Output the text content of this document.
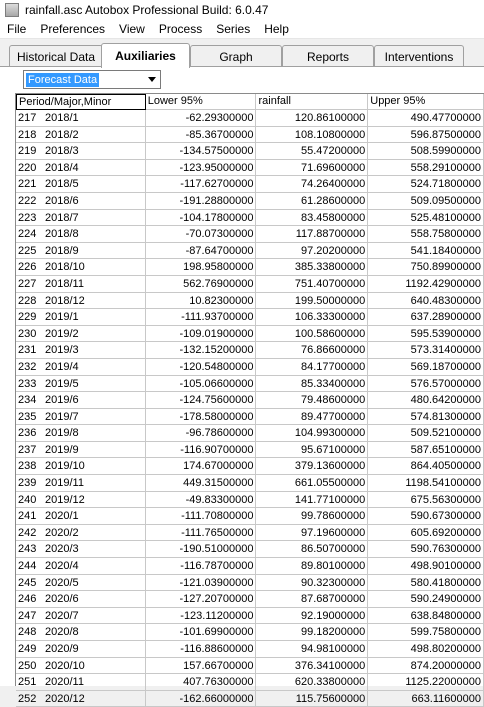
rainfall.asc Autobox Professional Build: 6.0.47
File	Preferences	View	Process	Series	Help
Historical Data	Auxiliaries	Graph	Reports	Interventions
Forecast Data
Period/Major,Minor	Lower 95%	rainfall	Upper 95%
217 2018/1	-62.29300000	120.86100000	490.47700000
218 2018/2	-85.36700000	108.10800000	596.87500000
219 2018/3	-134.57500000	55.47200000	508.59900000
220 2018/4	-123.95000000	71.69600000	558.29100000
221 2018/5	-117.62700000	74.26400000	524.71800000
222 2018/6	-191.28800000	61.28600000	509.09500000
223 2018/7	-104.17800000	83.45800000	525.48100000
224 2018/8	-70.07300000	117.88700000	558.75800000
225 2018/9	-87.64700000	97.20200000	541.18400000
226 2018/10	198.95800000	385.33800000	750.89900000
227 2018/11	562.76900000	751.40700000	1192.42900000
228 2018/12	10.82300000	199.50000000	640.48300000
229 2019/1	-111.93700000	106.33300000	637.28900000
230 2019/2	-109.01900000	100.58600000	595.53900000
231 2019/3	-132.15200000	76.86600000	573.31400000
232 2019/4	-120.54800000	84.17700000	569.18700000
233 2019/5	-105.06600000	85.33400000	576.57000000
234 2019/6	-124.75600000	79.48600000	480.64200000
235 2019/7	-178.58000000	89.47700000	574.81300000
236 2019/8	-96.78600000	104.99300000	509.52100000
237 2019/9	-116.90700000	95.67100000	587.65100000
238 2019/10	174.67000000	379.13600000	864.40500000
239 2019/11	449.31500000	661.05500000	1198.54100000
240 2019/12	-49.83300000	141.77100000	675.56300000
241 2020/1	-111.70800000	99.78600000	590.67300000
242 2020/2	-111.76500000	97.19600000	605.69200000
243 2020/3	-190.51000000	86.50700000	590.76300000
244 2020/4	-116.78700000	89.80100000	498.90100000
245 2020/5	-121.03900000	90.32300000	580.41800000
246 2020/6	-127.20700000	87.68700000	590.24900000
247 2020/7	-123.11200000	92.19000000	638.84800000
248 2020/8	-101.69900000	99.18200000	599.75800000
249 2020/9	-116.88600000	94.98100000	498.80200000
250 2020/10	157.66700000	376.34100000	874.20000000
251 2020/11	407.76300000	620.33800000	1125.22000000
252 2020/12	-162.66000000	115.75600000	663.11600000
